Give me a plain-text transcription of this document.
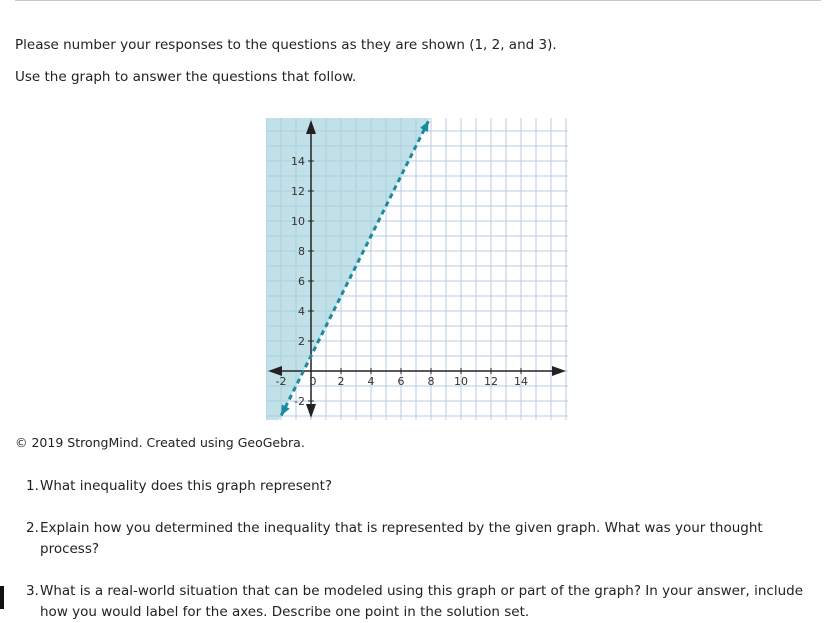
Please number your responses to the questions as they are shown (1, 2, and 3).
Use the graph to answer the questions that follow.
-2 0 2 4 6 8 10 12 14
-2
2
4
6
8
10
12
14
© 2019 StrongMind. Created using GeoGebra.
1. What inequality does this graph represent?
2. Explain how you determined the inequality that is represented by the given graph. What was your thought process?
3. What is a real-world situation that can be modeled using this graph or part of the graph? In your answer, include how you would label for the axes. Describe one point in the solution set.
